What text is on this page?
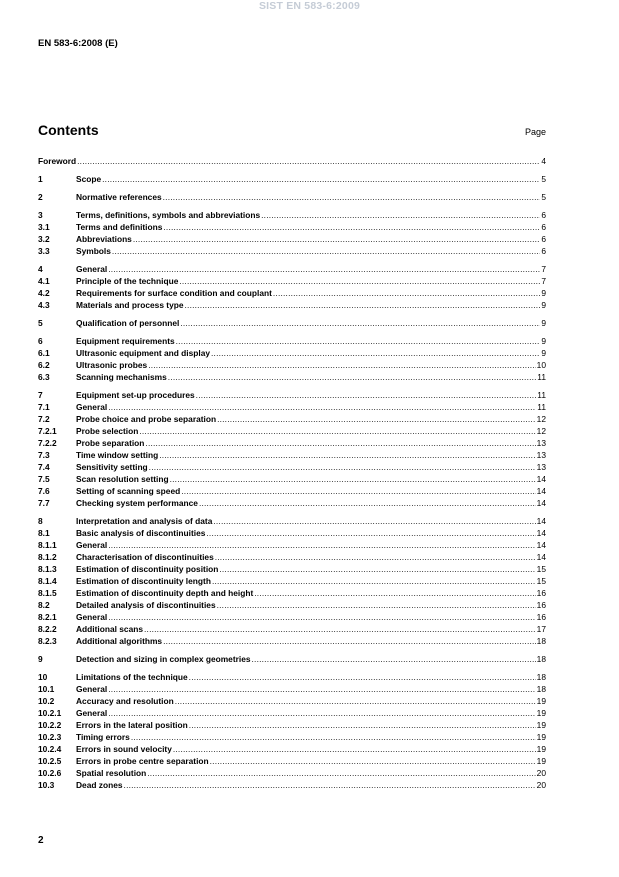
SIST EN 583-6:2009
EN 583-6:2008 (E)
Contents	Page
Foreword .....	4
1	Scope .....	5
2	Normative references .....	5
3	Terms, definitions, symbols and abbreviations .....	6
3.1	Terms and definitions .....	6
3.2	Abbreviations .....	6
3.3	Symbols .....	6
4	General .....	7
4.1	Principle of the technique .....	7
4.2	Requirements for surface condition and couplant .....	9
4.3	Materials and process type .....	9
5	Qualification of personnel .....	9
6	Equipment requirements .....	9
6.1	Ultrasonic equipment and display .....	9
6.2	Ultrasonic probes .....	10
6.3	Scanning mechanisms .....	11
7	Equipment set-up procedures .....	11
7.1	General .....	11
7.2	Probe choice and probe separation .....	12
7.2.1	Probe selection .....	12
7.2.2	Probe separation .....	13
7.3	Time window setting .....	13
7.4	Sensitivity setting .....	13
7.5	Scan resolution setting .....	14
7.6	Setting of scanning speed .....	14
7.7	Checking system performance .....	14
8	Interpretation and analysis of data .....	14
8.1	Basic analysis of discontinuities .....	14
8.1.1	General .....	14
8.1.2	Characterisation of discontinuities .....	14
8.1.3	Estimation of discontinuity position .....	15
8.1.4	Estimation of discontinuity length .....	15
8.1.5	Estimation of discontinuity depth and height .....	16
8.2	Detailed analysis of discontinuities .....	16
8.2.1	General .....	16
8.2.2	Additional scans .....	17
8.2.3	Additional algorithms .....	18
9	Detection and sizing in complex geometries .....	18
10	Limitations of the technique .....	18
10.1	General .....	18
10.2	Accuracy and resolution .....	19
10.2.1	General .....	19
10.2.2	Errors in the lateral position .....	19
10.2.3	Timing errors .....	19
10.2.4	Errors in sound velocity .....	19
10.2.5	Errors in probe centre separation .....	19
10.2.6	Spatial resolution .....	20
10.3	Dead zones .....	20
2
